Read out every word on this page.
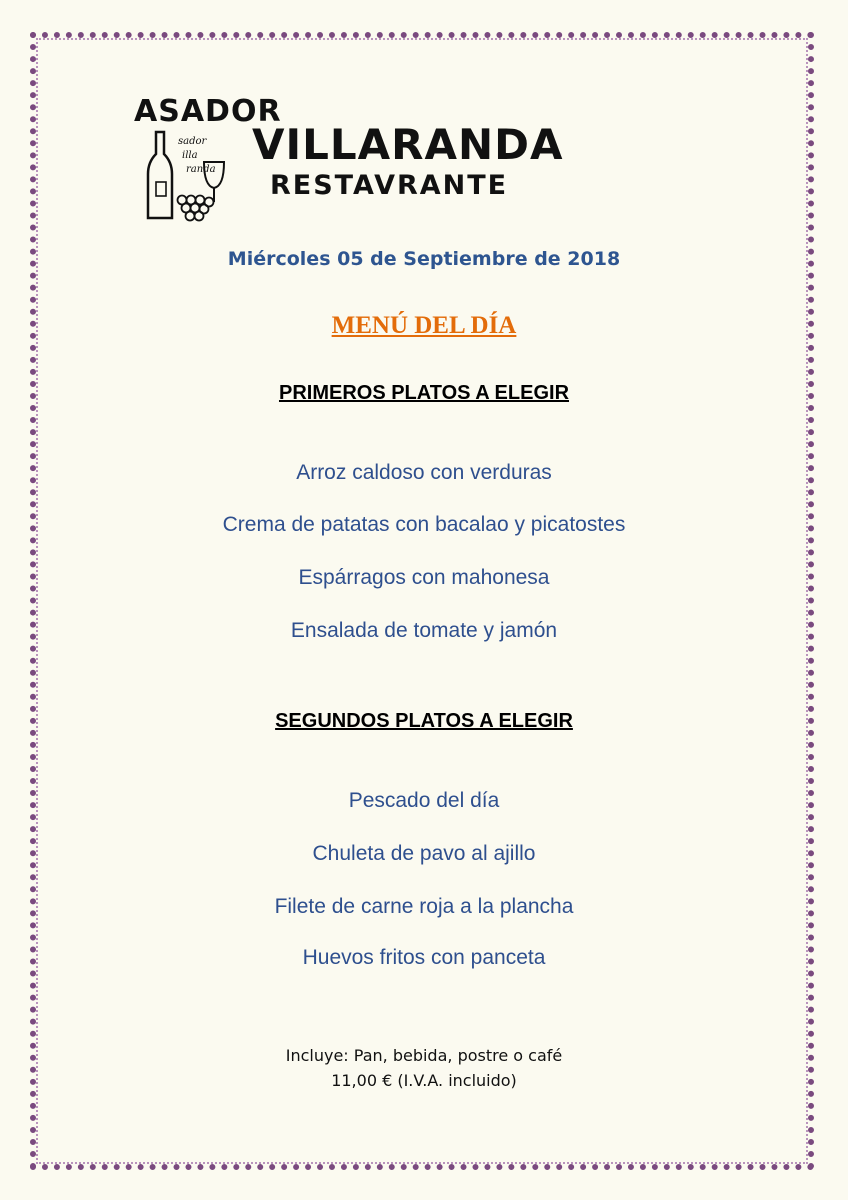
sador
illa
randa
ASADOR
VILLARANDA
RESTAVRANTE
Miércoles 05 de Septiembre de 2018
MENÚ DEL DÍA
PRIMEROS PLATOS A ELEGIR
Arroz caldoso con verduras
Crema de patatas con bacalao y picatostes
Espárragos con mahonesa
Ensalada de tomate y jamón
SEGUNDOS PLATOS A ELEGIR
Pescado del día
Chuleta de pavo al ajillo
Filete de carne roja a la plancha
Huevos fritos con panceta
Incluye: Pan, bebida, postre o café
11,00 € (I.V.A. incluido)
